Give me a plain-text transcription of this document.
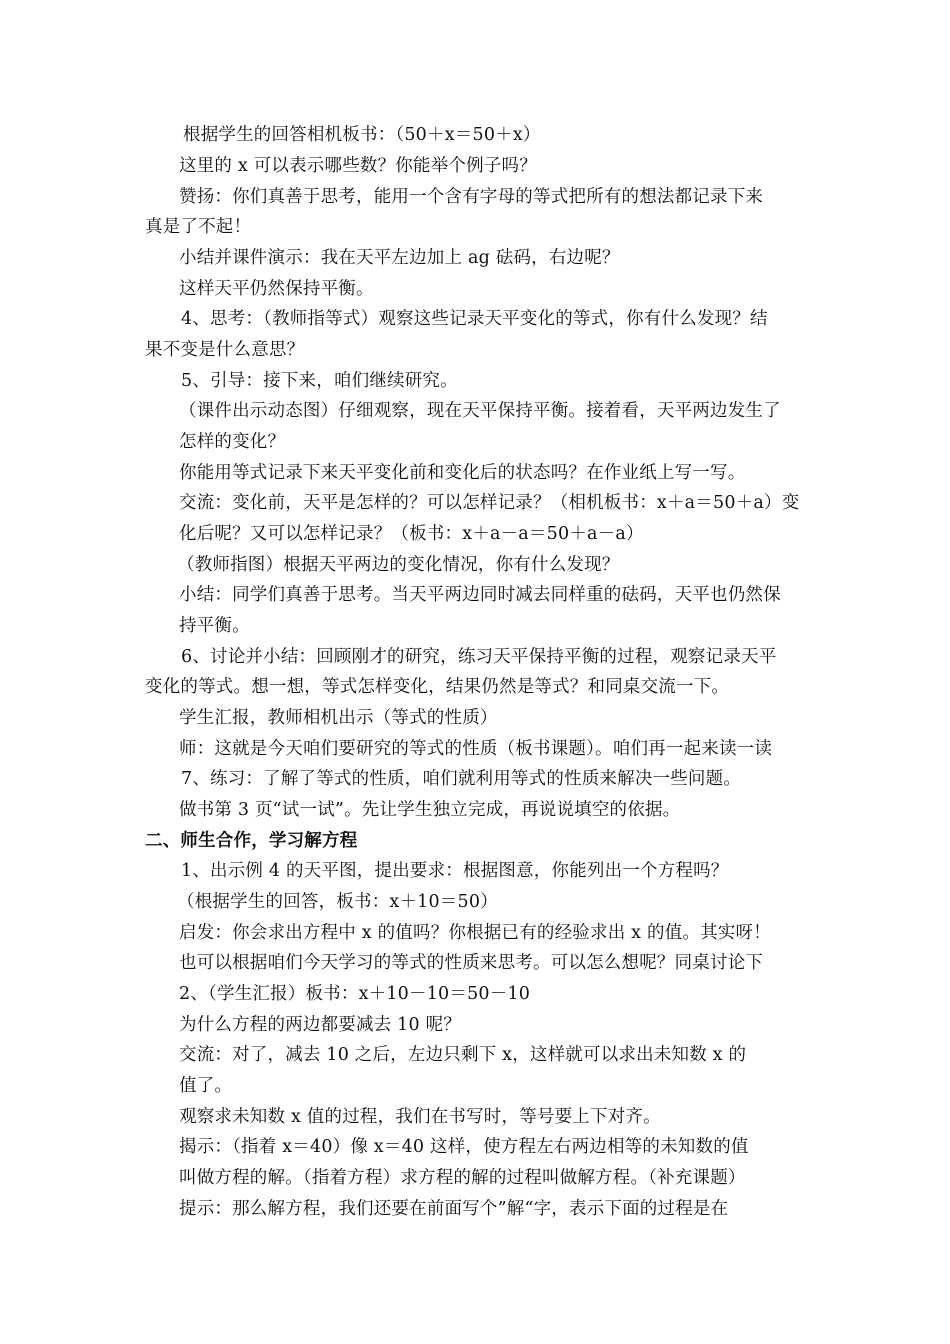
根据学生的回答相机板书：（50＋x＝50＋x）
这里的 x 可以表示哪些数？你能举个例子吗？
赞扬：你们真善于思考，能用一个含有字母的等式把所有的想法都记录下来
真是了不起！
小结并课件演示：我在天平左边加上 ag 砝码，右边呢？
这样天平仍然保持平衡。
4、思考：（教师指等式）观察这些记录天平变化的等式，你有什么发现？结
果不变是什么意思？
5、引导：接下来，咱们继续研究。
（课件出示动态图）仔细观察，现在天平保持平衡。接着看，天平两边发生了
怎样的变化？
你能用等式记录下来天平变化前和变化后的状态吗？在作业纸上写一写。
交流：变化前，天平是怎样的？可以怎样记录？（相机板书：x＋a＝50＋a）变
化后呢？又可以怎样记录？（板书：x＋a－a＝50＋a－a）
（教师指图）根据天平两边的变化情况，你有什么发现？
小结：同学们真善于思考。当天平两边同时减去同样重的砝码，天平也仍然保
持平衡。
6、讨论并小结：回顾刚才的研究，练习天平保持平衡的过程，观察记录天平
变化的等式。想一想，等式怎样变化，结果仍然是等式？和同桌交流一下。
学生汇报，教师相机出示（等式的性质）
师：这就是今天咱们要研究的等式的性质（板书课题）。咱们再一起来读一读
7、练习：了解了等式的性质，咱们就利用等式的性质来解决一些问题。
做书第 3 页“试一试”。先让学生独立完成，再说说填空的依据。
二、师生合作，学习解方程
1、出示例 4 的天平图，提出要求：根据图意，你能列出一个方程吗？
（根据学生的回答，板书：x＋10＝50）
启发：你会求出方程中 x 的值吗？你根据已有的经验求出 x 的值。其实呀！
也可以根据咱们今天学习的等式的性质来思考。可以怎么想呢？同桌讨论下
2、（学生汇报）板书：x＋10－10＝50－10
为什么方程的两边都要减去 10 呢？
交流：对了，减去 10 之后，左边只剩下 x，这样就可以求出未知数 x 的
值了。
观察求未知数 x 值的过程，我们在书写时，等号要上下对齐。
揭示：（指着 x＝40）像 x＝40 这样，使方程左右两边相等的未知数的值
叫做方程的解。（指着方程）求方程的解的过程叫做解方程。（补充课题）
提示：那么解方程，我们还要在前面写个”解“字，表示下面的过程是在
